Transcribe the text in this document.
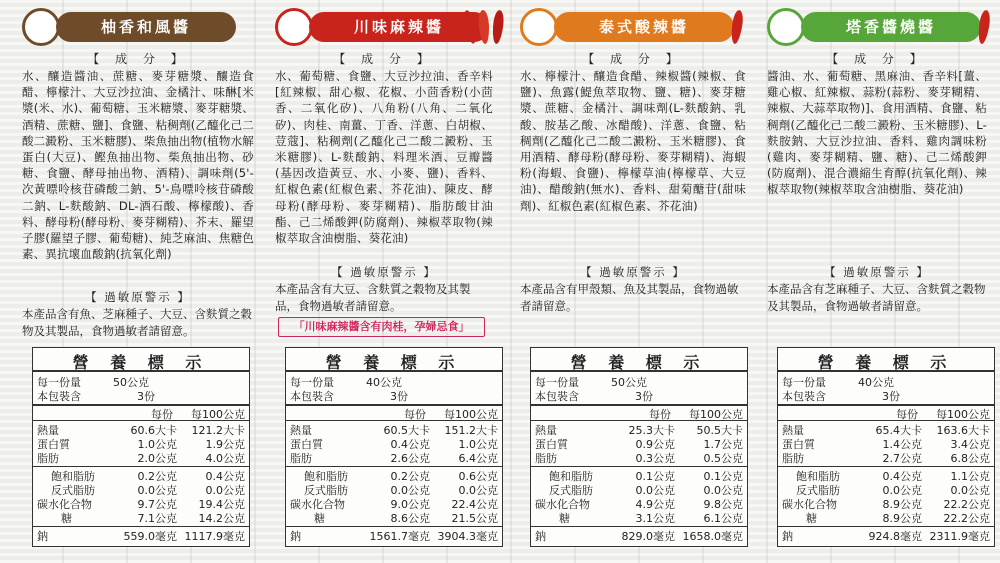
柚香和風醬
【 成 分 】
水、釀造醬油、蔗糖、麥芽糖漿、釀造食醋、檸檬汁、大豆沙拉油、金橘汁、味醂[米漿(米、水)、葡萄糖、玉米糖漿、麥芽糖漿、酒精、蔗糖、鹽]、食鹽、粘稠劑(乙醯化己二酸二澱粉、玉米糖膠)、柴魚抽出物(植物水解蛋白(大豆)、鰹魚抽出物、柴魚抽出物、砂糖、食鹽、酵母抽出物、酒精)、調味劑(5'-次黃嘌呤核苷磷酸二鈉、5'-鳥嘌呤核苷磷酸二鈉、L-麩酸鈉、DL-酒石酸、檸檬酸)、香料、酵母粉(酵母粉、麥芽糊精)、芥末、羅望子膠(羅望子膠、葡萄糖)、純芝麻油、焦糖色素、異抗壞血酸鈉(抗氧化劑)
【 過敏原警示 】
本產品含有魚、芝麻種子、大豆、含麩質之穀物及其製品，食物過敏者請留意。
營 養 標 示
每一份量	50公克
本包裝含	3份
每份 每100公克
熱量	60.6大卡 121.2大卡
蛋白質	1.0公克	1.9公克
脂肪	2.0公克	4.0公克
飽和脂肪	0.2公克	0.4公克
反式脂肪	0.0公克	0.0公克
碳水化合物	9.7公克 19.4公克
糖	7.1公克 14.2公克
鈉	559.0毫克 1117.9毫克
川味麻辣醬
【 成 分 】
水、葡萄糖、食鹽、大豆沙拉油、香辛料[紅辣椒、甜心椒、花椒、小茴香粉(小茴香、二氧化矽)、八角粉(八角、二氧化矽)、肉桂、南薑、丁香、洋蔥、白胡椒、荳蔻]、粘稠劑(乙醯化己二酸二澱粉、玉米糖膠)、L-麩酸鈉、料理米酒、豆瓣醬(基因改造黃豆、水、小麥、鹽)、香料、紅椒色素(紅椒色素、芥花油)、陳皮、酵母粉(酵母粉、麥芽糊精)、脂肪酸甘油酯、己二烯酸鉀(防腐劑)、辣椒萃取物(辣椒萃取含油樹脂、葵花油)
【 過敏原警示 】
本產品含有大豆、含麩質之穀物及其製品，食物過敏者請留意。
「川味麻辣醬含有肉桂，孕婦忌食」
營 養 標 示
每一份量	40公克
本包裝含	3份
每份 每100公克
熱量	60.5大卡 151.2大卡
蛋白質	0.4公克	1.0公克
脂肪	2.6公克	6.4公克
飽和脂肪	0.2公克	0.6公克
反式脂肪	0.0公克	0.0公克
碳水化合物	9.0公克 22.4公克
糖	8.6公克 21.5公克
鈉	1561.7毫克 3904.3毫克
泰式酸辣醬
【 成 分 】
水、檸檬汁、釀造食醋、辣椒醬(辣椒、食鹽)、魚露(鯷魚萃取物、鹽、糖)、麥芽糖漿、蔗糖、金橘汁、調味劑(L-麩酸鈉、乳酸、胺基乙酸、冰醋酸)、洋蔥、食鹽、粘稠劑(乙醯化己二酸二澱粉、玉米糖膠)、食用酒精、酵母粉(酵母粉、麥芽糊精)、海蝦粉(海蝦、食鹽)、檸檬草油(檸檬草、大豆油)、醋酸鈉(無水)、香料、甜菊醣苷(甜味劑)、紅椒色素(紅椒色素、芥花油)
【 過敏原警示 】
本產品含有甲殼類、魚及其製品，食物過敏者請留意。
營 養 標 示
每一份量	50公克
本包裝含	3份
每份 每100公克
熱量	25.3大卡 50.5大卡
蛋白質	0.9公克	1.7公克
脂肪	0.3公克	0.5公克
飽和脂肪	0.1公克	0.1公克
反式脂肪	0.0公克	0.0公克
碳水化合物	4.9公克	9.8公克
糖	3.1公克	6.1公克
鈉	829.0毫克 1658.0毫克
塔香醬燒醬
【 成 分 】
醬油、水、葡萄糖、黑麻油、香辛料[薑、雞心椒、紅辣椒、蒜粉(蒜粉、麥芽糊精、辣椒、大蒜萃取物)]、食用酒精、食鹽、粘稠劑(乙醯化己二酸二澱粉、玉米糖膠)、L-麩胺鈉、大豆沙拉油、香料、雞肉調味粉(雞肉、麥芽糊精、鹽、糖)、己二烯酸鉀(防腐劑)、混合濃縮生育醇(抗氧化劑)、辣椒萃取物(辣椒萃取含油樹脂、葵花油)
【 過敏原警示 】
本產品含有芝麻種子、大豆、含麩質之穀物及其製品，食物過敏者請留意。
營 養 標 示
每一份量	40公克
本包裝含	3份
每份 每100公克
熱量	65.4大卡 163.6大卡
蛋白質	1.4公克	3.4公克
脂肪	2.7公克	6.8公克
飽和脂肪	0.4公克	1.1公克
反式脂肪	0.0公克	0.0公克
碳水化合物	8.9公克 22.2公克
糖	8.9公克 22.2公克
鈉	924.8毫克 2311.9毫克
